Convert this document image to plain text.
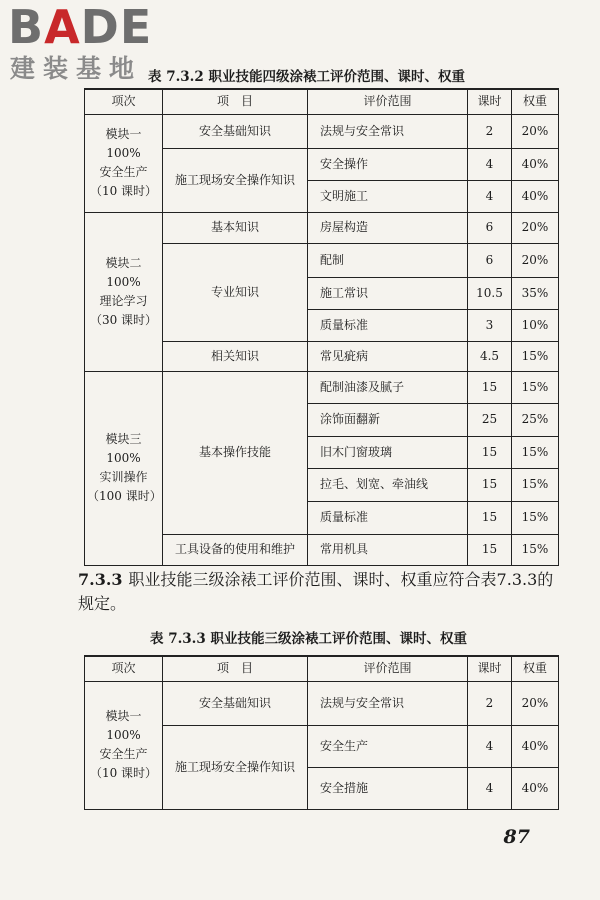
BADE
建装基地 表 7.3.2 职业技能四级涂裱工评价范围、课时、权重
项次	项　目	评价范围	课时	权重
模块一 100%
安全生产
（10 课时）	安全基础知识	法规与安全常识	2	20%
	施工现场安全操作知识	安全操作	4	40%
		文明施工	4	40%
模块二 100%
理论学习
（30 课时）	基本知识	房屋构造	6	20%
	专业知识	配制	6	20%
		施工常识	10.5	35%
		质量标准	3	10%
	相关知识	常见疵病	4.5	15%
模块三 100%
实训操作
（100 课时）	基本操作技能	配制油漆及腻子	15	15%
		涂饰面翻新	25	25%
		旧木门窗玻璃	15	15%
		拉毛、划宽、牵油线	15	15%
		质量标准	15	15%
	工具设备的使用和维护	常用机具	15	15%
7.3.3 职业技能三级涂裱工评价范围、课时、权重应符合表7.3.3的规定。
表 7.3.3 职业技能三级涂裱工评价范围、课时、权重
项次	项　目	评价范围	课时	权重
模块一 100%
安全生产
（10 课时）	安全基础知识	法规与安全常识	2	20%
	施工现场安全操作知识	安全生产	4	40%
		安全措施	4	40%
87
